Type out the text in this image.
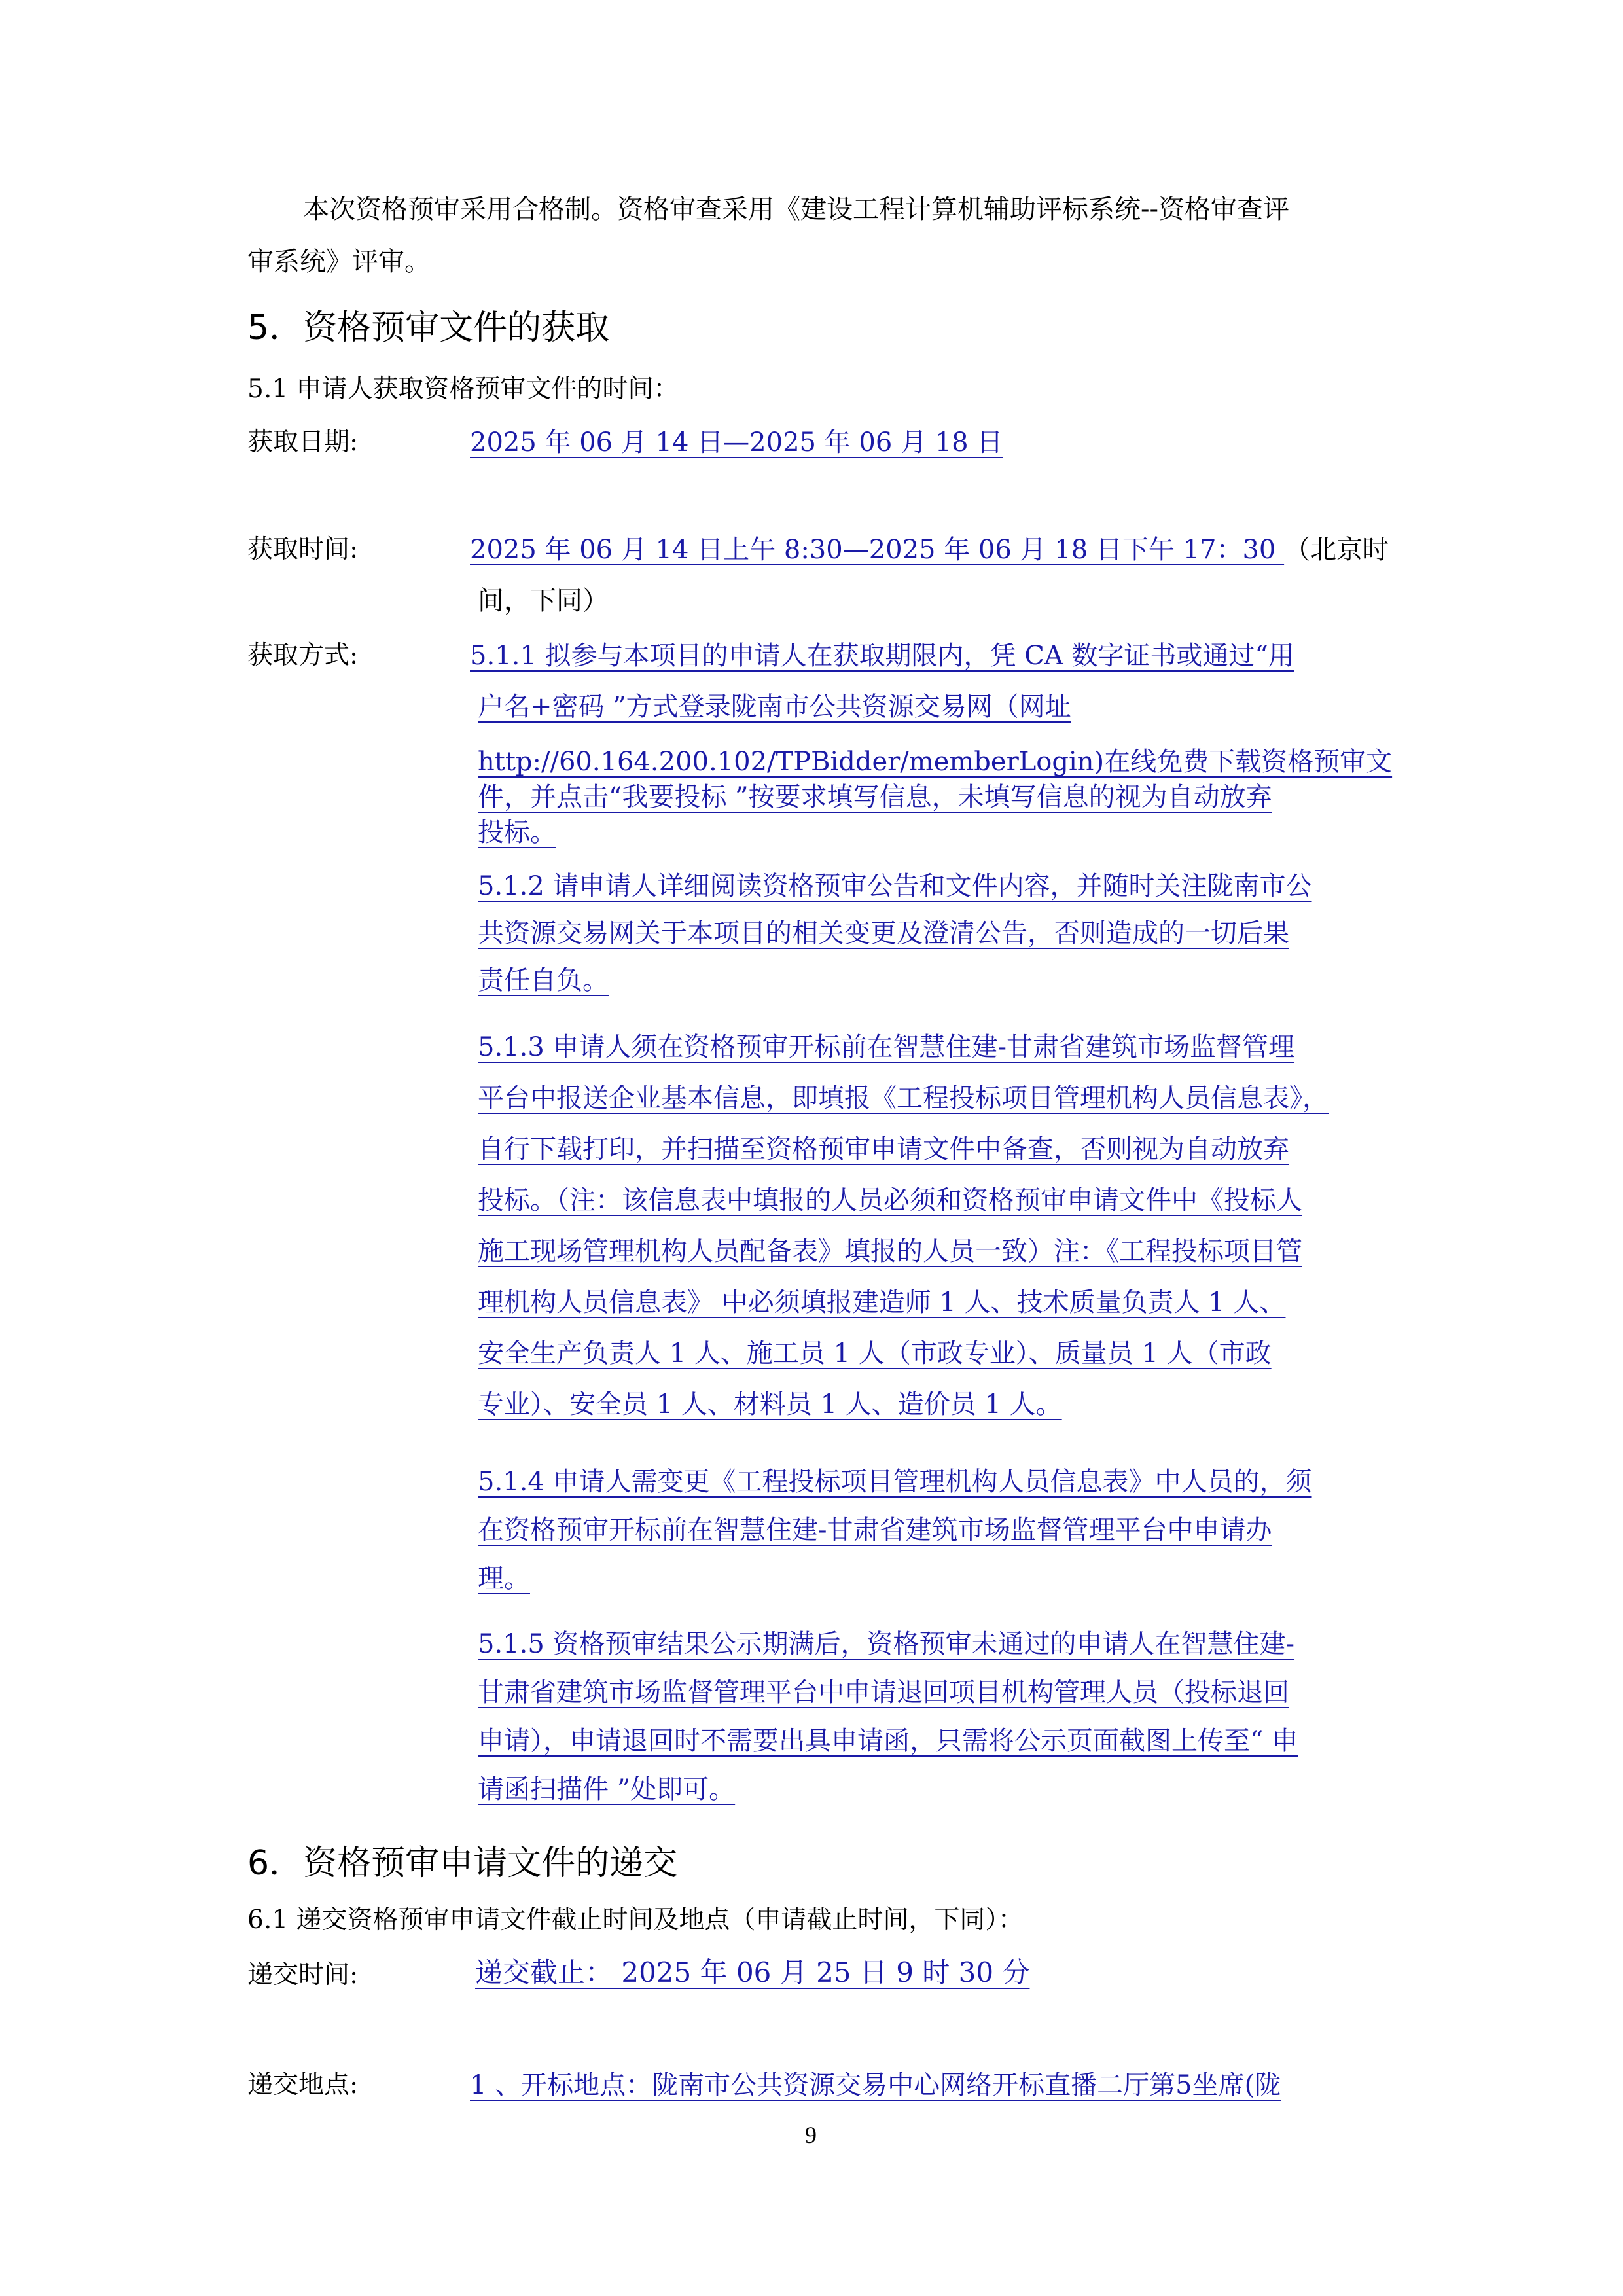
本次资格预审采用合格制。资格审查采用《建设工程计算机辅助评标系统--资格审查评
审系统》评审。
5．资格预审文件的获取
5.1 申请人获取资格预审文件的时间：
获取日期:	2025 年 06 月 14 日—2025 年 06 月 18 日
获取时间:	2025 年 06 月 14 日上午 8:30—2025 年 06 月 18 日下午 17：30 （北京时
间，下同）
获取方式:	5.1.1 拟参与本项目的申请人在获取期限内，凭 CA 数字证书或通过“用
户名+密码 ”方式登录陇南市公共资源交易网（网址
http://60.164.200.102/TPBidder/memberLogin)在线免费下载资格预审文
件，并点击“我要投标 ”按要求填写信息，未填写信息的视为自动放弃
投标。
5.1.2 请申请人详细阅读资格预审公告和文件内容，并随时关注陇南市公
共资源交易网关于本项目的相关变更及澄清公告，否则造成的一切后果
责任自负。
5.1.3 申请人须在资格预审开标前在智慧住建-甘肃省建筑市场监督管理
平台中报送企业基本信息，即填报《工程投标项目管理机构人员信息表》，
自行下载打印，并扫描至资格预审申请文件中备查，否则视为自动放弃
投标。（注：该信息表中填报的人员必须和资格预审申请文件中《投标人
施工现场管理机构人员配备表》填报的人员一致）注：《工程投标项目管
理机构人员信息表》 中必须填报建造师 1 人、技术质量负责人 1 人、
安全生产负责人 1 人、施工员 1 人（市政专业）、质量员 1 人（市政
专业）、安全员 1 人、材料员 1 人、造价员 1 人。
5.1.4 申请人需变更《工程投标项目管理机构人员信息表》中人员的，须
在资格预审开标前在智慧住建-甘肃省建筑市场监督管理平台中申请办
理。
5.1.5 资格预审结果公示期满后，资格预审未通过的申请人在智慧住建-
甘肃省建筑市场监督管理平台中申请退回项目机构管理人员（投标退回
申请），申请退回时不需要出具申请函，只需将公示页面截图上传至“ 申
请函扫描件 ”处即可。
6．资格预审申请文件的递交
6.1 递交资格预审申请文件截止时间及地点（申请截止时间，下同）：
递交时间:	递交截止： 2025 年 06 月 25 日 9 时 30 分
递交地点:	1 、开标地点：陇南市公共资源交易中心网络开标直播二厅第5坐席(陇
9
